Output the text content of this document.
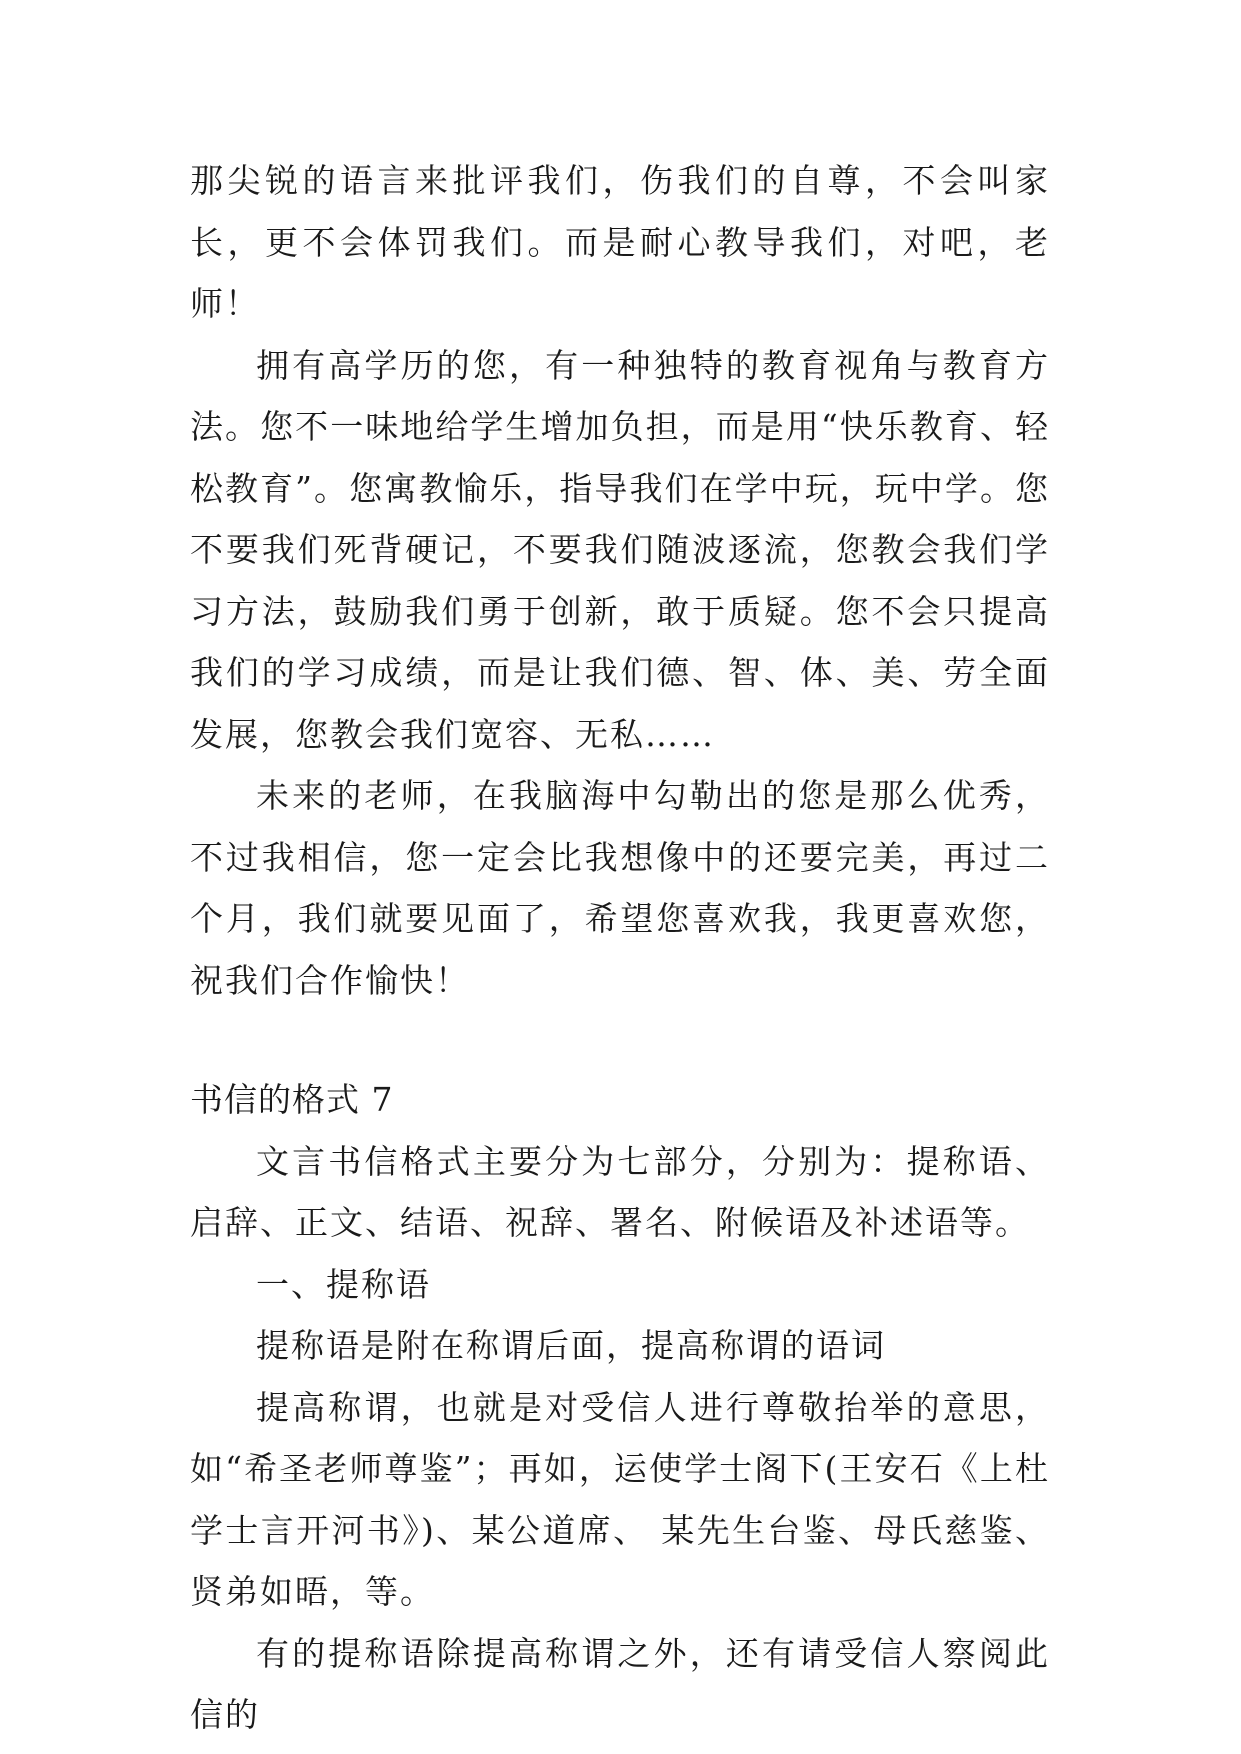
那尖锐的语言来批评我们，伤我们的自尊，不会叫家长，更不会体罚我们。而是耐心教导我们，对吧，老师！

拥有高学历的您，有一种独特的教育视角与教育方法。您不一味地给学生增加负担，而是用“快乐教育、轻松教育”。您寓教愉乐，指导我们在学中玩，玩中学。您不要我们死背硬记，不要我们随波逐流，您教会我们学习方法，鼓励我们勇于创新，敢于质疑。您不会只提高我们的学习成绩，而是让我们德、智、体、美、劳全面发展，您教会我们宽容、无私……

未来的老师，在我脑海中勾勒出的您是那么优秀，不过我相信，您一定会比我想像中的还要完美，再过二个月，我们就要见面了，希望您喜欢我，我更喜欢您，祝我们合作愉快！

书信的格式 7

文言书信格式主要分为七部分，分别为：提称语、启辞、正文、结语、祝辞、署名、附候语及补述语等。

一、提称语

提称语是附在称谓后面，提高称谓的语词

提高称谓，也就是对受信人进行尊敬抬举的意思，如“希圣老师尊鉴”；再如，运使学士阁下(王安石《上杜学士言开河书》)、某公道席、 某先生台鉴、母氏慈鉴、贤弟如晤，等。

有的提称语除提高称谓之外，还有请受信人察阅此信的
